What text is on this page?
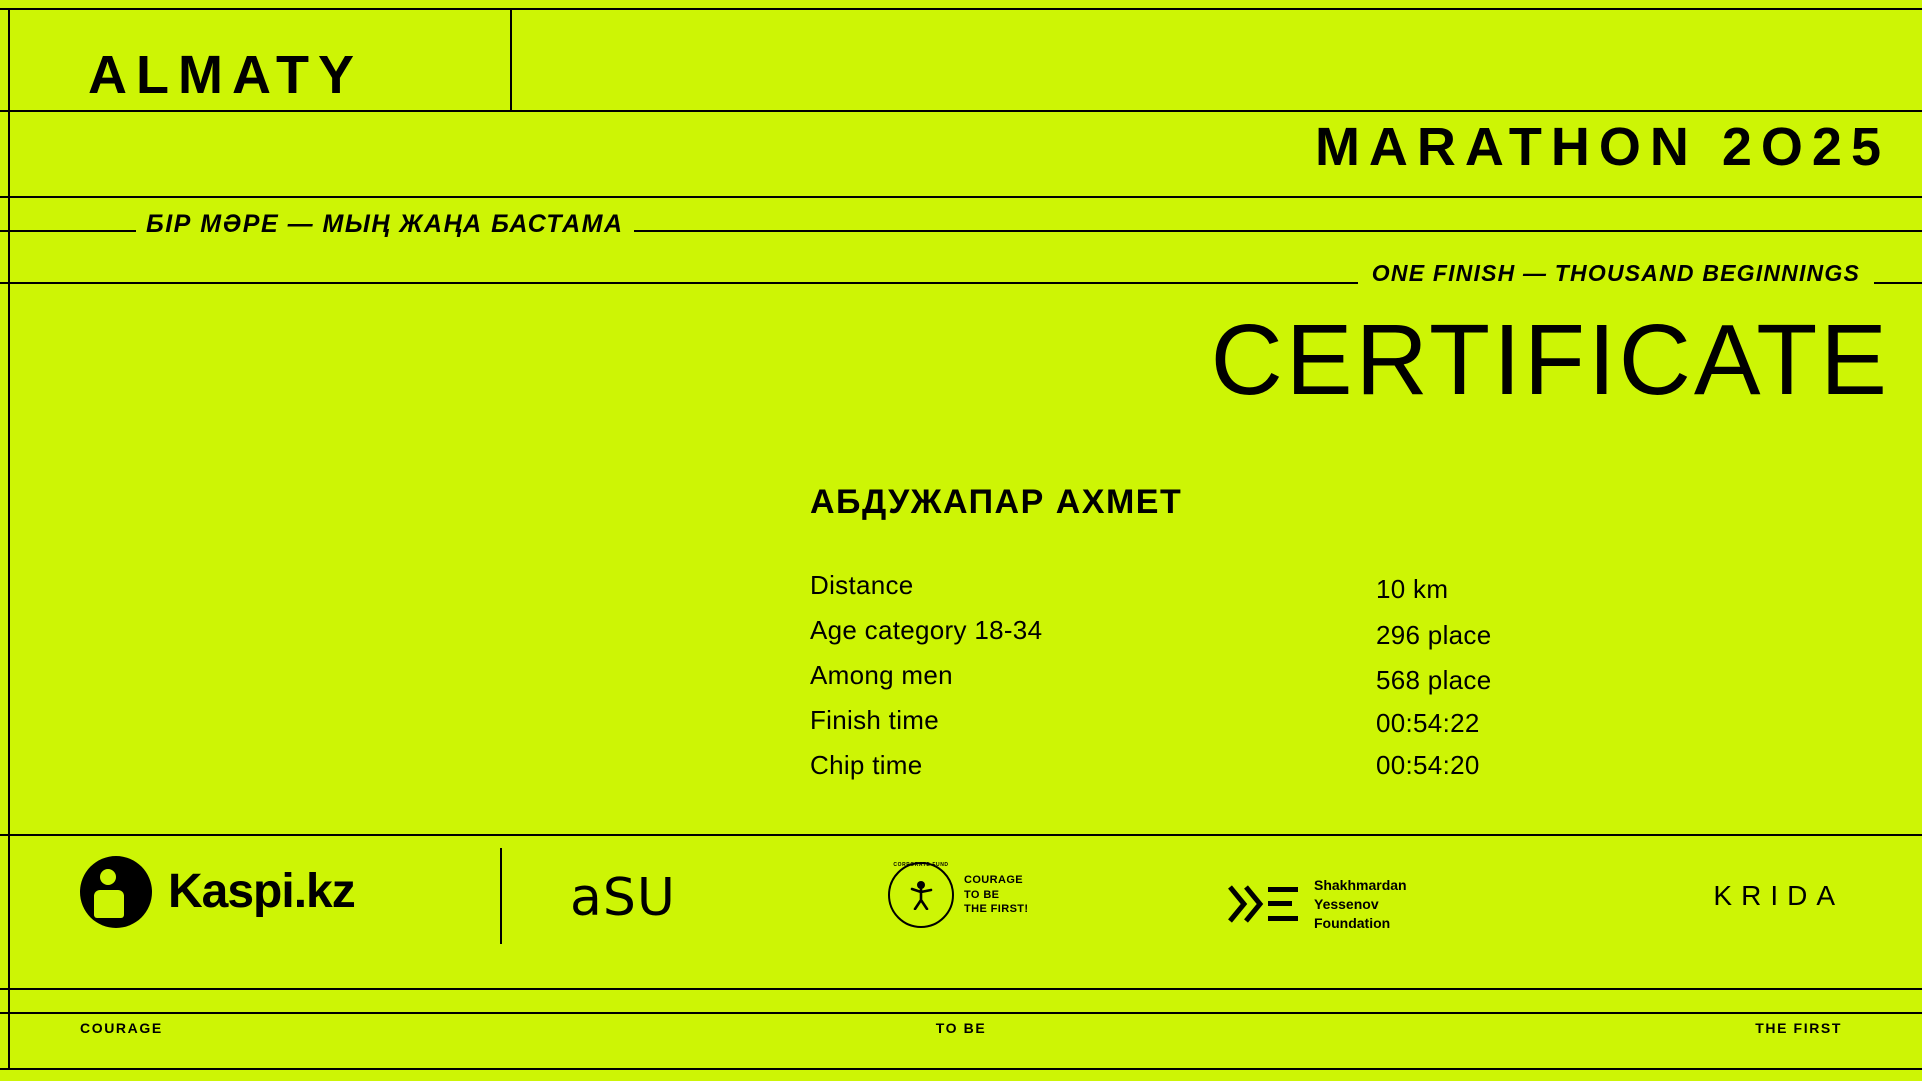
ALMATY
MARATHON 2O25
БІР МӘРЕ — МЫҢ ЖАҢА БАСТАМА
ONE FINISH — THOUSAND BEGINNINGS
CERTIFICATE
АБДУЖАПАР АХМЕТ
Distance	10 km
Age category 18-34	296 place
Among men	568 place
Finish time	00:54:22
Chip time	00:54:20
Kaspi.kz	aSU
CORPORATE FUND
COURAGE
TO BE
THE FIRST!
Shakhmardan
Yessenov
Foundation
KRIDA
COURAGE	TO BE	THE FIRST
